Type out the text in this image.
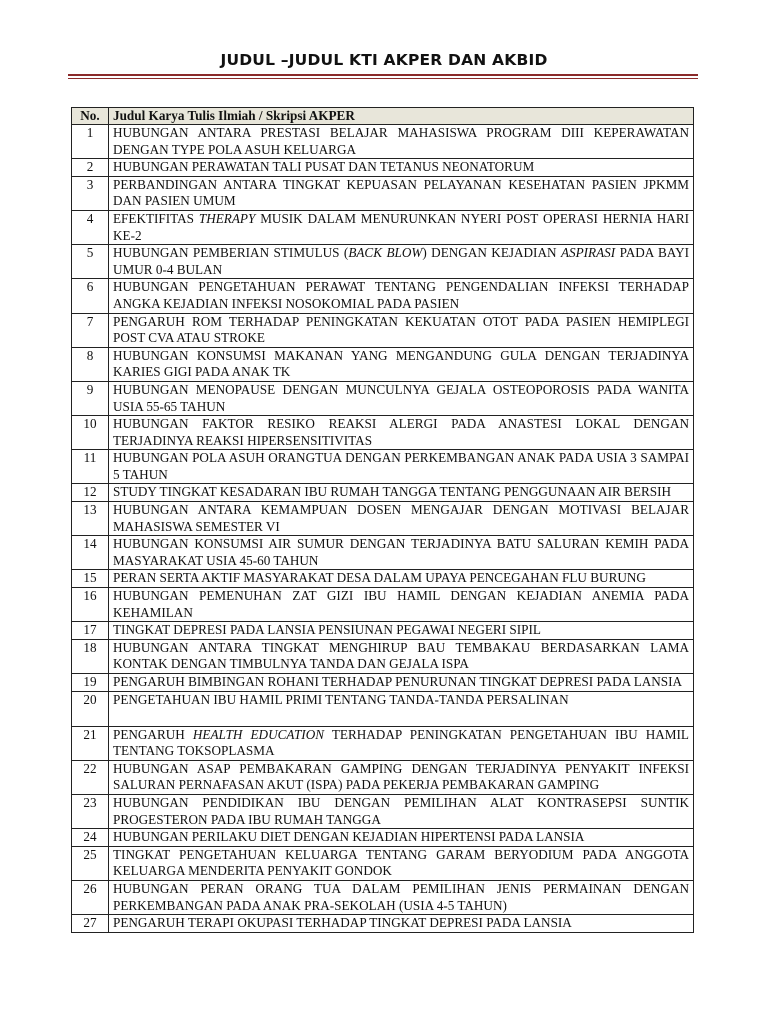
JUDUL –JUDUL KTI AKPER DAN AKBID
No.	Judul Karya Tulis Ilmiah / Skripsi AKPER
1	HUBUNGAN ANTARA PRESTASI BELAJAR MAHASISWA PROGRAM DIII KEPERAWATAN DENGAN TYPE POLA ASUH KELUARGA
2	HUBUNGAN PERAWATAN TALI PUSAT DAN TETANUS NEONATORUM
3	PERBANDINGAN ANTARA TINGKAT KEPUASAN PELAYANAN KESEHATAN PASIEN JPKMM DAN PASIEN UMUM
4	EFEKTIFITAS THERAPY MUSIK DALAM MENURUNKAN NYERI POST OPERASI HERNIA HARI KE-2
5	HUBUNGAN PEMBERIAN STIMULUS (BACK BLOW) DENGAN KEJADIAN ASPIRASI PADA BAYI UMUR 0-4 BULAN
6	HUBUNGAN PENGETAHUAN PERAWAT TENTANG PENGENDALIAN INFEKSI TERHADAP ANGKA KEJADIAN INFEKSI NOSOKOMIAL PADA PASIEN
7	PENGARUH ROM TERHADAP PENINGKATAN KEKUATAN OTOT PADA PASIEN HEMIPLEGI POST CVA ATAU STROKE
8	HUBUNGAN KONSUMSI MAKANAN YANG MENGANDUNG GULA DENGAN TERJADINYA KARIES GIGI PADA ANAK TK
9	HUBUNGAN MENOPAUSE DENGAN MUNCULNYA GEJALA OSTEOPOROSIS PADA WANITA USIA 55-65 TAHUN
10	HUBUNGAN FAKTOR RESIKO REAKSI ALERGI PADA ANASTESI LOKAL DENGAN TERJADINYA REAKSI HIPERSENSITIVITAS
11	HUBUNGAN POLA ASUH ORANGTUA DENGAN PERKEMBANGAN ANAK PADA USIA 3 SAMPAI 5 TAHUN
12	STUDY TINGKAT KESADARAN IBU RUMAH TANGGA TENTANG PENGGUNAAN AIR BERSIH
13	HUBUNGAN ANTARA KEMAMPUAN DOSEN MENGAJAR DENGAN MOTIVASI BELAJAR MAHASISWA SEMESTER VI
14	HUBUNGAN KONSUMSI AIR SUMUR DENGAN TERJADINYA BATU SALURAN KEMIH PADA MASYARAKAT USIA 45-60 TAHUN
15	PERAN SERTA AKTIF MASYARAKAT DESA DALAM UPAYA PENCEGAHAN FLU BURUNG
16	HUBUNGAN PEMENUHAN ZAT GIZI IBU HAMIL DENGAN KEJADIAN ANEMIA PADA KEHAMILAN
17	TINGKAT DEPRESI PADA LANSIA PENSIUNAN PEGAWAI NEGERI SIPIL
18	HUBUNGAN ANTARA TINGKAT MENGHIRUP BAU TEMBAKAU BERDASARKAN LAMA KONTAK DENGAN TIMBULNYA TANDA DAN GEJALA ISPA
19	PENGARUH BIMBINGAN ROHANI TERHADAP PENURUNAN TINGKAT DEPRESI PADA LANSIA
20	PENGETAHUAN IBU HAMIL PRIMI TENTANG TANDA-TANDA PERSALINAN
21	PENGARUH HEALTH EDUCATION TERHADAP PENINGKATAN PENGETAHUAN IBU HAMIL TENTANG TOKSOPLASMA
22	HUBUNGAN ASAP PEMBAKARAN GAMPING DENGAN TERJADINYA PENYAKIT INFEKSI SALURAN PERNAFASAN AKUT (ISPA) PADA PEKERJA PEMBAKARAN GAMPING
23	HUBUNGAN PENDIDIKAN IBU DENGAN PEMILIHAN ALAT KONTRASEPSI SUNTIK PROGESTERON PADA IBU RUMAH TANGGA
24	HUBUNGAN PERILAKU DIET DENGAN KEJADIAN HIPERTENSI PADA LANSIA
25	TINGKAT PENGETAHUAN KELUARGA TENTANG GARAM BERYODIUM PADA ANGGOTA KELUARGA MENDERITA PENYAKIT GONDOK
26	HUBUNGAN PERAN ORANG TUA DALAM PEMILIHAN JENIS PERMAINAN DENGAN PERKEMBANGAN PADA ANAK PRA-SEKOLAH (USIA 4-5 TAHUN)
27	PENGARUH TERAPI OKUPASI TERHADAP TINGKAT DEPRESI PADA LANSIA
